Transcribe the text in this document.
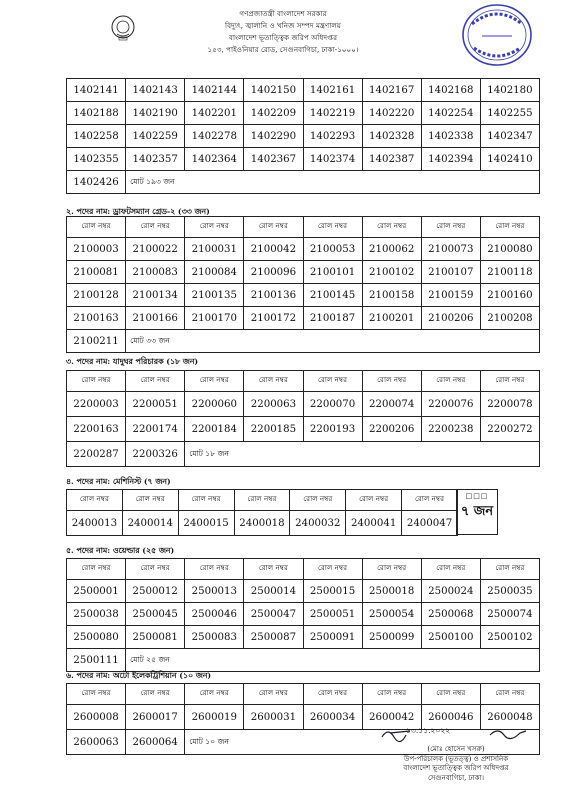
গণপ্রজাতন্ত্রী বাংলাদেশ সরকার
বিদ্যুৎ, জ্বালানি ও খনিজ সম্পদ মন্ত্রণালয়
বাংলাদেশ ভূতাত্ত্বিক জরিপ অধিদপ্তর
১৫৩, পাইওনিয়ার রোড, সেগুনবাগিচা, ঢাকা-১০০০।
1402141	1402143	1402144	1402150	1402161	1402167	1402168	1402180
1402188	1402190	1402201	1402209	1402219	1402220	1402254	1402255
1402258	1402259	1402278	1402290	1402293	1402328	1402338	1402347
1402355	1402357	1402364	1402367	1402374	1402387	1402394	1402410
1402426	মোট ১৯৩ জন						
২. পদের নাম: ড্রাফটসম্যান গ্রেড-২ (৩৩ জন)
রোল নম্বর	রোল নম্বর	রোল নম্বর	রোল নম্বর	রোল নম্বর	রোল নম্বর	রোল নম্বর	রোল নম্বর
2100003	2100022	2100031	2100042	2100053	2100062	2100073	2100080
2100081	2100083	2100084	2100096	2100101	2100102	2100107	2100118
2100128	2100134	2100135	2100136	2100145	2100158	2100159	2100160
2100163	2100166	2100170	2100172	2100187	2100201	2100206	2100208
2100211	মোট ৩৩ জন						
৩. পদের নাম: যাদুঘর পরিচারক (১৮ জন)
রোল নম্বর	রোল নম্বর	রোল নম্বর	রোল নম্বর	রোল নম্বর	রোল নম্বর	রোল নম্বর	রোল নম্বর
2200003	2200051	2200060	2200063	2200070	2200074	2200076	2200078
2200163	2200174	2200184	2200185	2200193	2200206	2200238	2200272
2200287	2200326	মোট ১৮ জন					
৪. পদের নাম: মেশিনিস্ট (৭ জন)
রোল নম্বর	রোল নম্বর	রোল নম্বর	রোল নম্বর	রোল নম্বর	রোল নম্বর	রোল নম্বর
2400013	2400014	2400015	2400018	2400032	2400041	2400047
□□□
৭ জন
৫. পদের নাম: ওয়েল্ডার (২৫ জন)
রোল নম্বর	রোল নম্বর	রোল নম্বর	রোল নম্বর	রোল নম্বর	রোল নম্বর	রোল নম্বর	রোল নম্বর
2500001	2500012	2500013	2500014	2500015	2500018	2500024	2500035
2500038	2500045	2500046	2500047	2500051	2500054	2500068	2500074
2500080	2500081	2500083	2500087	2500091	2500099	2500100	2500102
2500111	মোট ২৫ জন						
৬. পদের নাম: অটো ইলেকট্রিশিয়ান (১০ জন)
রোল নম্বর	রোল নম্বর	রোল নম্বর	রোল নম্বর	রোল নম্বর	রোল নম্বর	রোল নম্বর	রোল নম্বর
2600008	2600017	2600019	2600031	2600034	2600042	2600046	2600048
2600063	2600064	মোট ১০ জন					
১৩.১১.২০২২
(মোঃ হোসেন খসরু)
উপ-পরিচালক (ভূতত্ত্ব) ও প্রশাসনিক
বাংলাদেশ ভূতাত্ত্বিক জরিপ অধিদপ্তর
সেগুনবাগিচা, ঢাকা।
